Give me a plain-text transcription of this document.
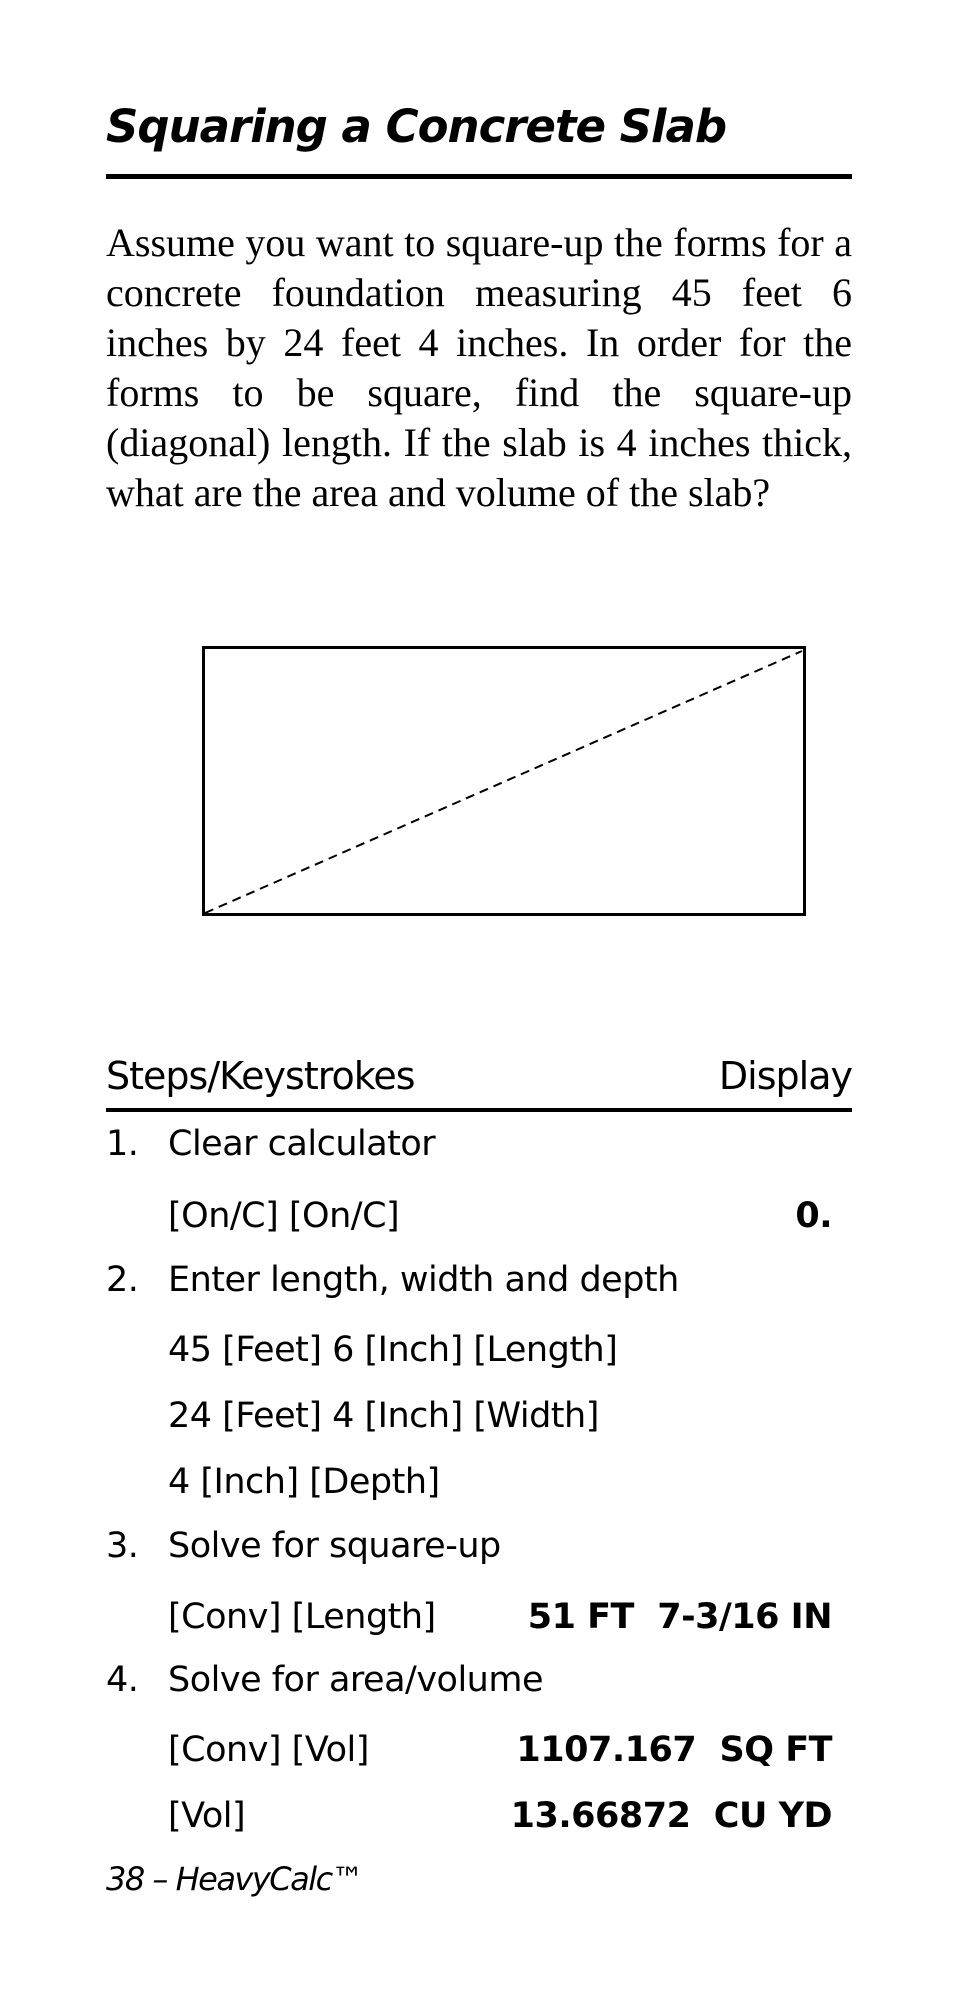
Squaring a Concrete Slab

Assume you want to square-up the forms for a concrete foundation measuring 45 feet 6 inches by 24 feet 4 inches. In order for the forms to be square, find the square-up (diagonal) length. If the slab is 4 inches thick, what are the area and volume of the slab?

Steps/Keystrokes	Display
1. Clear calculator
[On/C] [On/C]	0.
2. Enter length, width and depth
45 [Feet] 6 [Inch] [Length]
24 [Feet] 4 [Inch] [Width]
4 [Inch] [Depth]
3. Solve for square-up
[Conv] [Length]	51 FT  7-3/16 IN
4. Solve for area/volume
[Conv] [Vol]	1107.167  SQ FT
[Vol]	13.66872  CU YD
38 – HeavyCalc™
